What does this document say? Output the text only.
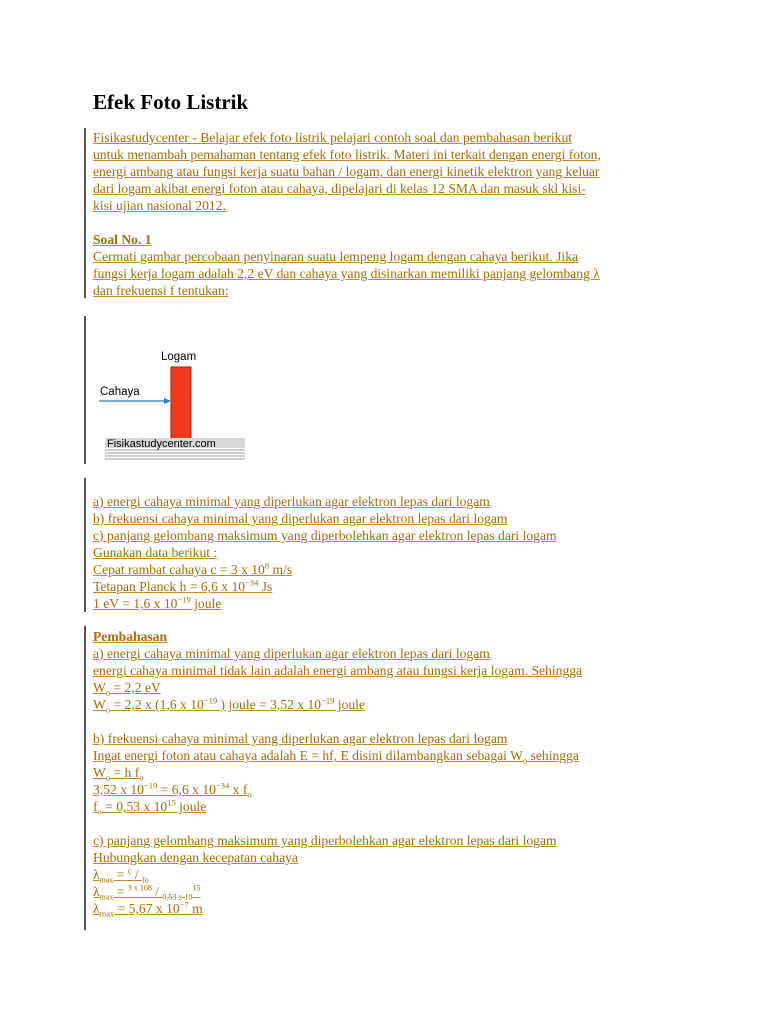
Efek Foto Listrik
Fisikastudycenter - Belajar efek foto listrik pelajari contoh soal dan pembahasan berikut
untuk menambah pemahaman tentang efek foto listrik. Materi ini terkait dengan energi foton,
energi ambang atau fungsi kerja suatu bahan / logam, dan energi kinetik elektron yang keluar
dari logam akibat energi foton atau cahaya, dipelajari di kelas 12 SMA dan masuk skl kisi-
kisi ujian nasional 2012.
Soal No. 1
Cermati gambar percobaan penyinaran suatu lempeng logam dengan cahaya berikut. Jika
fungsi kerja logam adalah 2,2 eV dan cahaya yang disinarkan memiliki panjang gelombang λ
dan frekuensi f tentukan:
Logam
Cahaya
Fisikastudycenter.com
a) energi cahaya minimal yang diperlukan agar elektron lepas dari logam
b) frekuensi cahaya minimal yang diperlukan agar elektron lepas dari logam
c) panjang gelombang maksimum yang diperbolehkan agar elektron lepas dari logam
Gunakan data berikut :
Cepat rambat cahaya c = 3 x $10^8$ m/s
Tetapan Planck h = 6,6 x $10^{-34}$ Js
1 eV = 1,6 x $10^{-19}$ joule
Pembahasan
a) energi cahaya minimal yang diperlukan agar elektron lepas dari logam
energi cahaya minimal tidak lain adalah energi ambang atau fungsi kerja logam. Sehingga
$W_o = 2,2$ eV
$W_o = 2,2$ x (1,6 x $10^{-19}$ ) joule = 3,52 x $10^{-19}$ joule
b) frekuensi cahaya minimal yang diperlukan agar elektron lepas dari logam
Ingat energi foton atau cahaya adalah E = hf, E disini dilambangkan sebagai $W_o$ sehingga
$W_o = h$ $f_o$
3,52 x $10^{-19} = 6,6$ x $10^{-34}$ x $f_o$
$f_o = 0,53$ x $10^{15}$ joule
c) panjang gelombang maksimum yang diperbolehkan agar elektron lepas dari logam
Hubungkan dengan kecepatan cahaya
$\lambda_{max} = ^c / _{fo}$
$\lambda_{max} = ^{3 x 108} / _{0,53 x 10}^{15}$
$\lambda_{max} = 5,67$ x $10^{-7}$ m
